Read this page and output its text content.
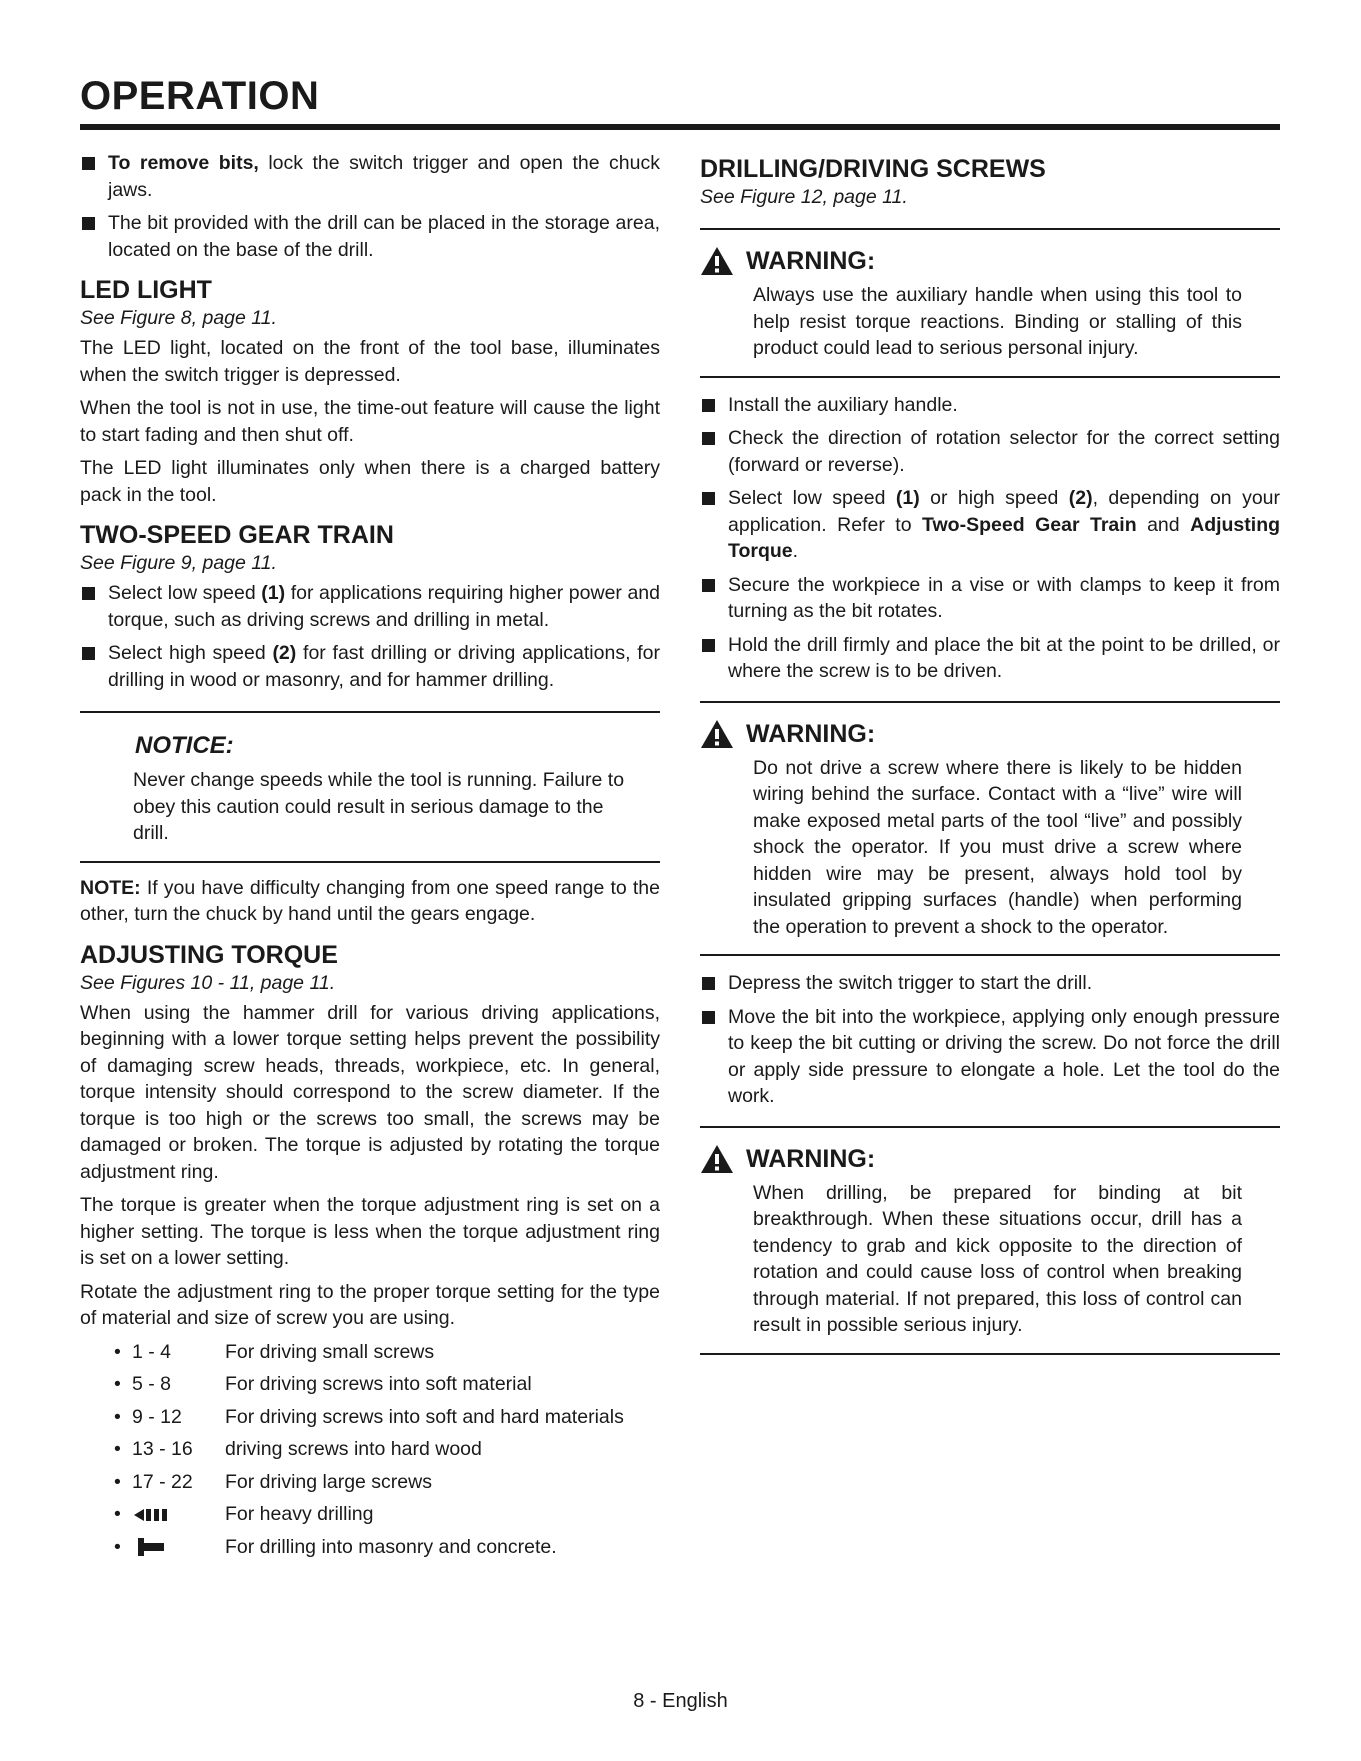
OPERATION
To remove bits, lock the switch trigger and open the chuck jaws.
The bit provided with the drill can be placed in the storage area, located on the base of the drill.
LED LIGHT
See Figure 8, page 11.

The LED light, located on the front of the tool base, illuminates when the switch trigger is depressed.

When the tool is not in use, the time-out feature will cause the light to start fading and then shut off.

The LED light illuminates only when there is a charged battery pack in the tool.

TWO-SPEED GEAR TRAIN
See Figure 9, page 11.
Select low speed (1) for applications requiring higher power and torque, such as driving screws and drilling in metal.
Select high speed (2) for fast drilling or driving applications, for drilling in wood or masonry, and for hammer drilling.
NOTICE:
Never change speeds while the tool is running. Failure to obey this caution could result in serious damage to the drill.

NOTE: If you have difficulty changing from one speed range to the other, turn the chuck by hand until the gears engage.

ADJUSTING TORQUE
See Figures 10 - 11, page 11.

When using the hammer drill for various driving applications, beginning with a lower torque setting helps prevent the possibility of damaging screw heads, threads, workpiece, etc. In general, torque intensity should correspond to the screw diameter. If the torque is too high or the screws too small, the screws may be damaged or broken. The torque is adjusted by rotating the torque adjustment ring.

The torque is greater when the torque adjustment ring is set on a higher setting. The torque is less when the torque adjustment ring is set on a lower setting.

Rotate the adjustment ring to the proper torque setting for the type of material and size of screw you are using.

•
1 - 4	For driving small screws
•
5 - 8	For driving screws into soft material
•
9 - 12	For driving screws into soft and hard materials
•
13 - 16	driving screws into hard wood
•
17 - 22	For driving large screws
•
For heavy drilling
•
For drilling into masonry and concrete.
DRILLING/DRIVING SCREWS
See Figure 12, page 11.
WARNING:
Always use the auxiliary handle when using this tool to help resist torque reactions. Binding or stalling of this product could lead to serious personal injury.
Install the auxiliary handle.
Check the direction of rotation selector for the correct setting (forward or reverse).
Select low speed (1) or high speed (2), depending on your application. Refer to Two-Speed Gear Train and Adjusting Torque.
Secure the workpiece in a vise or with clamps to keep it from turning as the bit rotates.
Hold the drill firmly and place the bit at the point to be drilled, or where the screw is to be driven.
WARNING:
Do not drive a screw where there is likely to be hidden wiring behind the surface. Contact with a “live” wire will make exposed metal parts of the tool “live” and possibly shock the operator. If you must drive a screw where hidden wire may be present, always hold tool by insulated gripping surfaces (handle) when performing the operation to prevent a shock to the operator.
Depress the switch trigger to start the drill.
Move the bit into the workpiece, applying only enough pressure to keep the bit cutting or driving the screw. Do not force the drill or apply side pressure to elongate a hole. Let the tool do the work.
WARNING:
When drilling, be prepared for binding at bit breakthrough. When these situations occur, drill has a tendency to grab and kick opposite to the direction of rotation and could cause loss of control when breaking through material. If not prepared, this loss of control can result in possible serious injury.
8 - English
